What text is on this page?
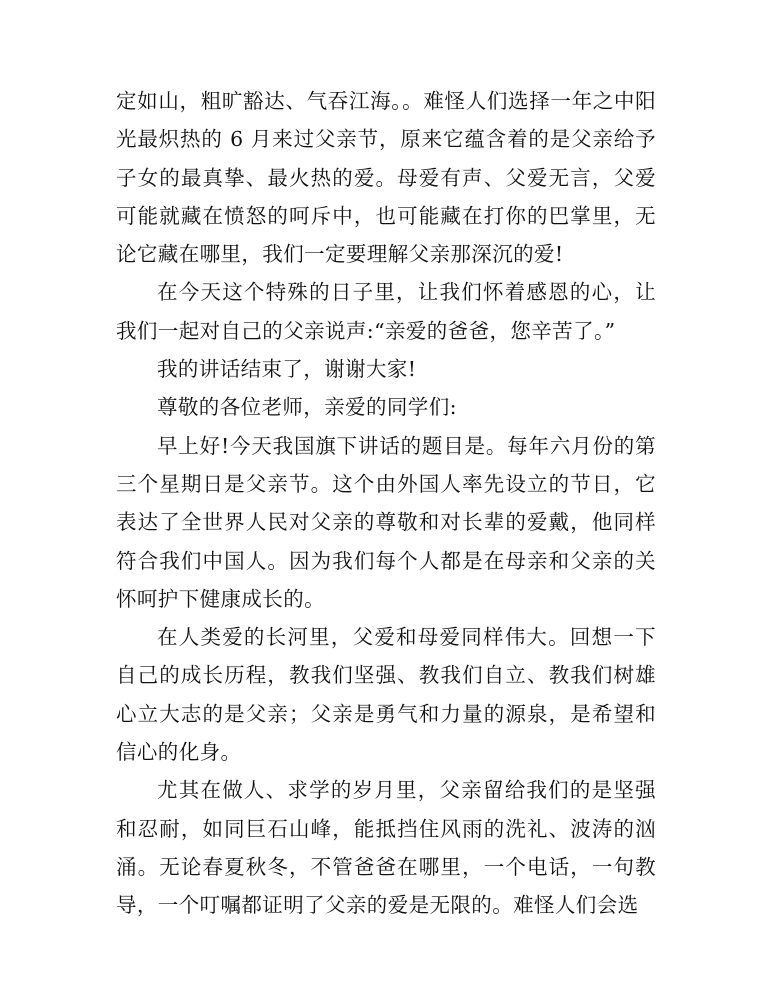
定如山，粗旷豁达、气吞江海。。难怪人们选择一年之中阳光最炽热的 6 月来过父亲节，原来它蕴含着的是父亲给予子女的最真挚、最火热的爱。母爱有声、父爱无言，父爱可能就藏在愤怒的呵斥中，也可能藏在打你的巴掌里，无论它藏在哪里，我们一定要理解父亲那深沉的爱!

在今天这个特殊的日子里，让我们怀着感恩的心，让我们一起对自己的父亲说声:“亲爱的爸爸，您辛苦了。”

我的讲话结束了，谢谢大家!

尊敬的各位老师，亲爱的同学们:

早上好!今天我国旗下讲话的题目是。每年六月份的第三个星期日是父亲节。这个由外国人率先设立的节日，它表达了全世界人民对父亲的尊敬和对长辈的爱戴，他同样符合我们中国人。因为我们每个人都是在母亲和父亲的关怀呵护下健康成长的。

在人类爱的长河里，父爱和母爱同样伟大。回想一下自己的成长历程，教我们坚强、教我们自立、教我们树雄心立大志的是父亲；父亲是勇气和力量的源泉，是希望和信心的化身。

尤其在做人、求学的岁月里，父亲留给我们的是坚强和忍耐，如同巨石山峰，能抵挡住风雨的洗礼、波涛的汹涌。无论春夏秋冬，不管爸爸在哪里，一个电话，一句教导，一个叮嘱都证明了父亲的爱是无限的。难怪人们会选
